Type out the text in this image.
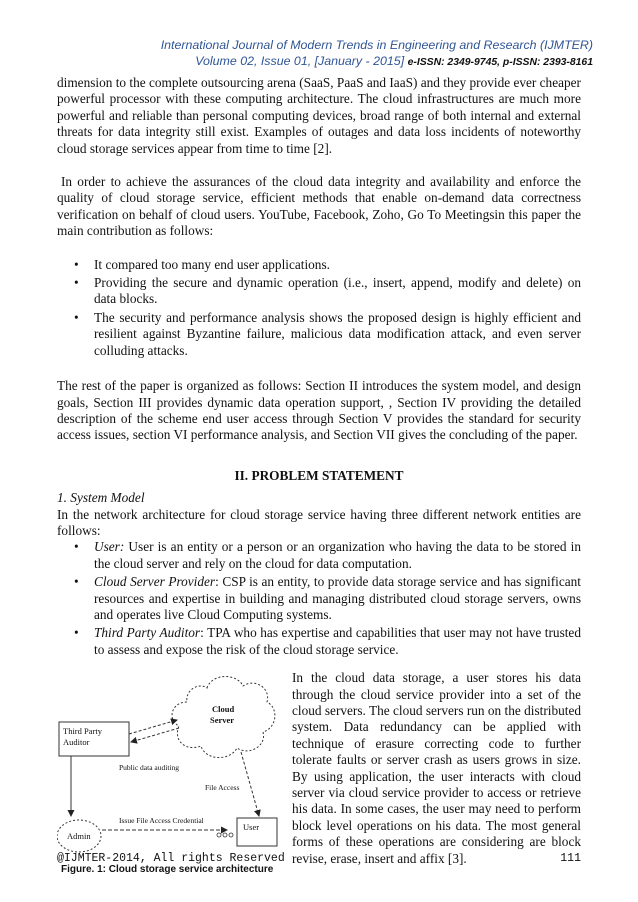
International Journal of Modern Trends in Engineering and Research (IJMTER)
Volume 02, Issue 01, [January - 2015] e-ISSN: 2349-9745, p-ISSN: 2393-8161

dimension to the complete outsourcing arena (SaaS, PaaS and IaaS) and they provide ever cheaper powerful processor with these computing architecture. The cloud infrastructures are much more powerful and reliable than personal computing devices, broad range of both internal and external threats for data integrity still exist. Examples of outages and data loss incidents of noteworthy cloud storage services appear from time to time [2].

In order to achieve the assurances of the cloud data integrity and availability and enforce the quality of cloud storage service, efficient methods that enable on-demand data correctness verification on behalf of cloud users. YouTube, Facebook, Zoho, Go To Meetingsin this paper the main contribution as follows:

• It compared too many end user applications.
• Providing the secure and dynamic operation (i.e., insert, append, modify and delete) on data blocks.
• The security and performance analysis shows the proposed design is highly efficient and resilient against Byzantine failure, malicious data modification attack, and even server colluding attacks.

The rest of the paper is organized as follows: Section II introduces the system model, and design goals, Section III provides dynamic data operation support, , Section IV providing the detailed description of the scheme end user access through Section V provides the standard for security access issues, section VI performance analysis, and Section VII gives the concluding of the paper.

II. PROBLEM STATEMENT

1. System Model

In the network architecture for cloud storage service having three different network entities are follows:

• User: User is an entity or a person or an organization who having the data to be stored in the cloud server and rely on the cloud for data computation.
• Cloud Server Provider: CSP is an entity, to provide data storage service and has significant resources and expertise in building and managing distributed cloud storage servers, owns and operates live Cloud Computing systems.
• Third Party Auditor: TPA who has expertise and capabilities that user may not have trusted to assess and expose the risk of the cloud storage service.
Cloud
Server
Third Party
Auditor
Public data auditing
Admin
Issue File Access Credential
User
File Access
Figure. 1: Cloud storage service architecture

In the cloud data storage, a user stores his data through the cloud service provider into a set of the cloud servers. The cloud servers run on the distributed system. Data redundancy can be applied with technique of erasure correcting code to further tolerate faults or server crash as users grows in size. By using application, the user interacts with cloud server via cloud service provider to access or retrieve his data. In some cases, the user may need to perform block level operations on his data. The most general forms of these operations are considering are block revise, erase, insert and affix [3].

@IJMTER-2014, All rights Reserved	111
